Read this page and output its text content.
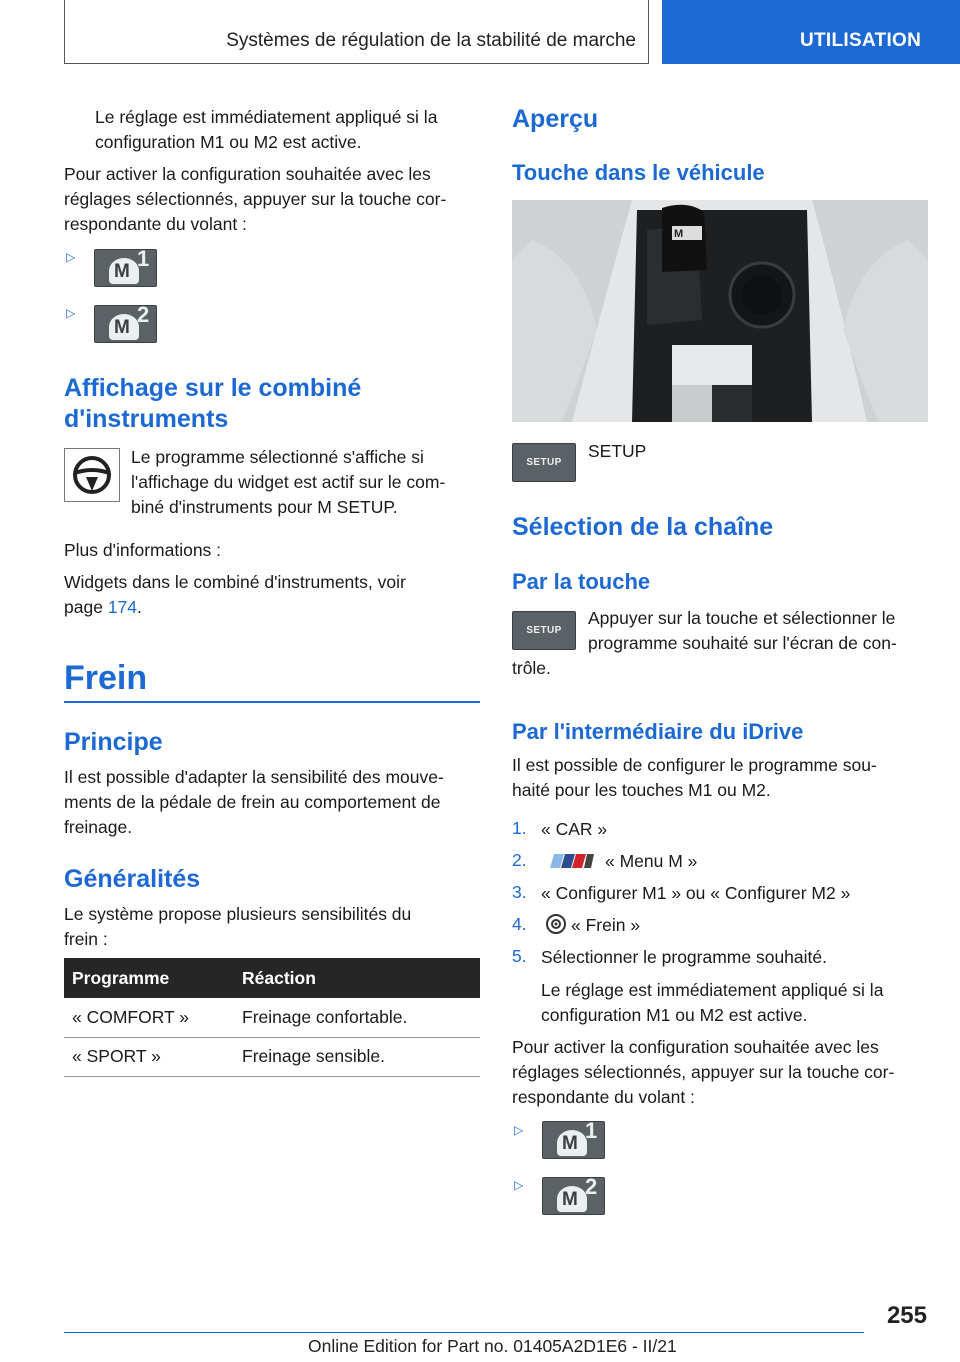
Systèmes de régulation de la stabilité de marche	UTILISATION
Le réglage est immédiatement appliqué si la
configuration M1 ou M2 est active.
Pour activer la configuration souhaitée avec les
réglages sélectionnés, appuyer sur la touche cor-
respondante du volant :
▷ M	1
▷ M	2
Affichage sur le combiné
d'instruments
Le programme sélectionné s'affiche si
l'affichage du widget est actif sur le com-
biné d'instruments pour M SETUP.
Plus d'informations :
Widgets dans le combiné d'instruments, voir
page 174.
Frein
Principe
Il est possible d'adapter la sensibilité des mouve-
ments de la pédale de frein au comportement de
freinage.
Généralités
Le système propose plusieurs sensibilités du
frein :
Programme	Réaction
« COMFORT »	Freinage confortable.
« SPORT »	Freinage sensible.
Aperçu
Touche dans le véhicule
M
SETUP
SETUP
Sélection de la chaîne
Par la touche
SETUP
Appuyer sur la touche et sélectionner le
programme souhaité sur l'écran de con-
trôle.
Par l'intermédiaire du iDrive
Il est possible de configurer le programme sou-
haité pour les touches M1 ou M2.
1. « CAR »
2.	« Menu M »
3. « Configurer M1 » ou « Configurer M2 »
4.	« Frein »
5. Sélectionner le programme souhaité.
Le réglage est immédiatement appliqué si la
configuration M1 ou M2 est active.
Pour activer la configuration souhaitée avec les
réglages sélectionnés, appuyer sur la touche cor-
respondante du volant :
▷ M	1
▷ M	2
255
Online Edition for Part no. 01405A2D1E6 - II/21
